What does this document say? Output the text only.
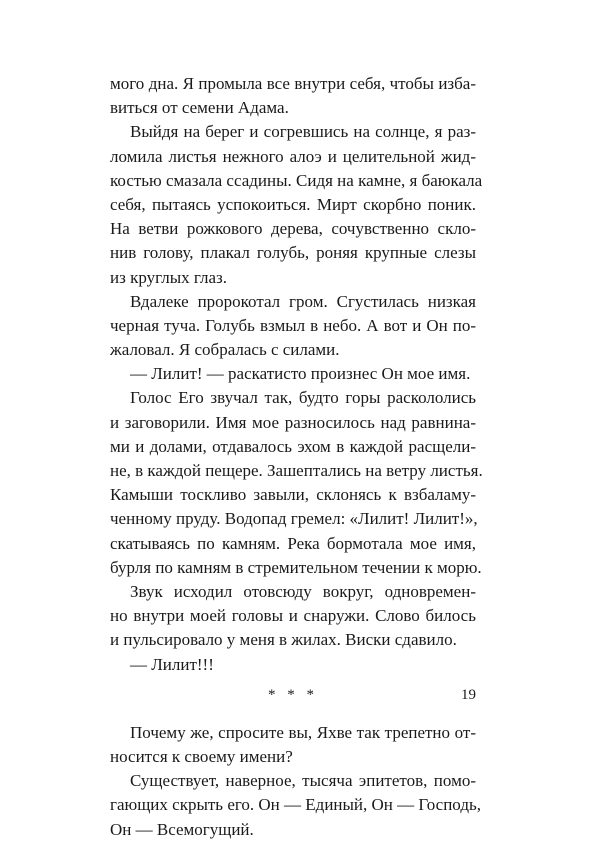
мого дна. Я промыла все внутри себя, чтобы изба-
виться от семени Адама.
Выйдя на берег и согревшись на солнце, я раз-
ломила листья нежного алоэ и целительной жид-
костью смазала ссадины. Сидя на камне, я баюкала
себя, пытаясь успокоиться. Мирт скорбно поник.
На ветви рожкового дерева, сочувственно скло-
нив голову, плакал голубь, роняя крупные слезы
из круглых глаз.
Вдалеке пророкотал гром. Сгустилась низкая
черная туча. Голубь взмыл в небо. А вот и Он по-
жаловал. Я собралась с силами.
— Лилит! — раскатисто произнес Он мое имя.
Голос Его звучал так, будто горы раскололись
и заговорили. Имя мое разносилось над равнина-
ми и долами, отдавалось эхом в каждой расщели-
не, в каждой пещере. Зашептались на ветру листья.
Камыши тоскливо завыли, склонясь к взбаламу-
ченному пруду. Водопад гремел: «Лилит! Лилит!»,
скатываясь по камням. Река бормотала мое имя,
бурля по камням в стремительном течении к морю.
Звук исходил отовсюду вокруг, одновремен-
но внутри моей головы и снаружи. Слово билось
и пульсировало у меня в жилах. Виски сдавило.
— Лилит!!!
* * *
Почему же, спросите вы, Яхве так трепетно от-
носится к своему имени?
Существует, наверное, тысяча эпитетов, помо-
гающих скрыть его. Он — Единый, Он — Господь,
Он — Всемогущий.
19
